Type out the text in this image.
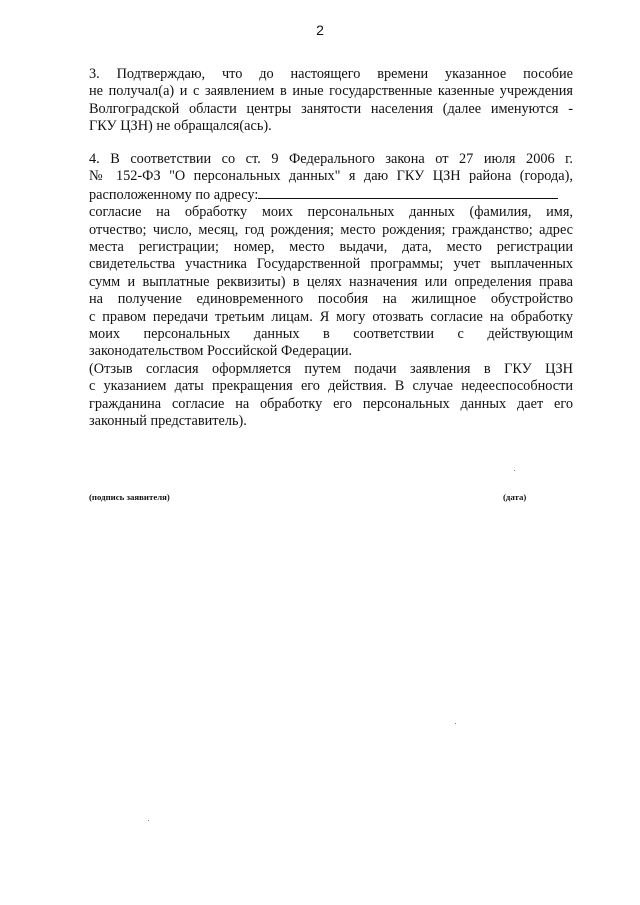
2

3. Подтверждаю, что до настоящего времени указанное пособие

не получал(а) и с заявлением в иные государственные казенные учреждения

Волгоградской области центры занятости населения (далее именуются -

ГКУ ЦЗН) не обращался(ась).

4. В соответствии со ст. 9 Федерального закона от 27 июля 2006 г.

№ 152-ФЗ "О персональных данных" я даю ГКУ ЦЗН района (города),

расположенному по адресу:

согласие на обработку моих персональных данных (фамилия, имя,

отчество; число, месяц, год рождения; место рождения; гражданство; адрес

места регистрации; номер, место выдачи, дата, место регистрации

свидетельства участника Государственной программы; учет выплаченных

сумм и выплатные реквизиты) в целях назначения или определения права

на получение единовременного пособия на жилищное обустройство

с правом передачи третьим лицам. Я могу отозвать согласие на обработку

моих персональных данных в соответствии с действующим

законодательством Российской Федерации.

(Отзыв согласия оформляется путем подачи заявления в ГКУ ЦЗН

с указанием даты прекращения его действия. В случае недееспособности

гражданина согласие на обработку его персональных данных дает его

законный представитель).

(подпись заявителя)	(дата)
